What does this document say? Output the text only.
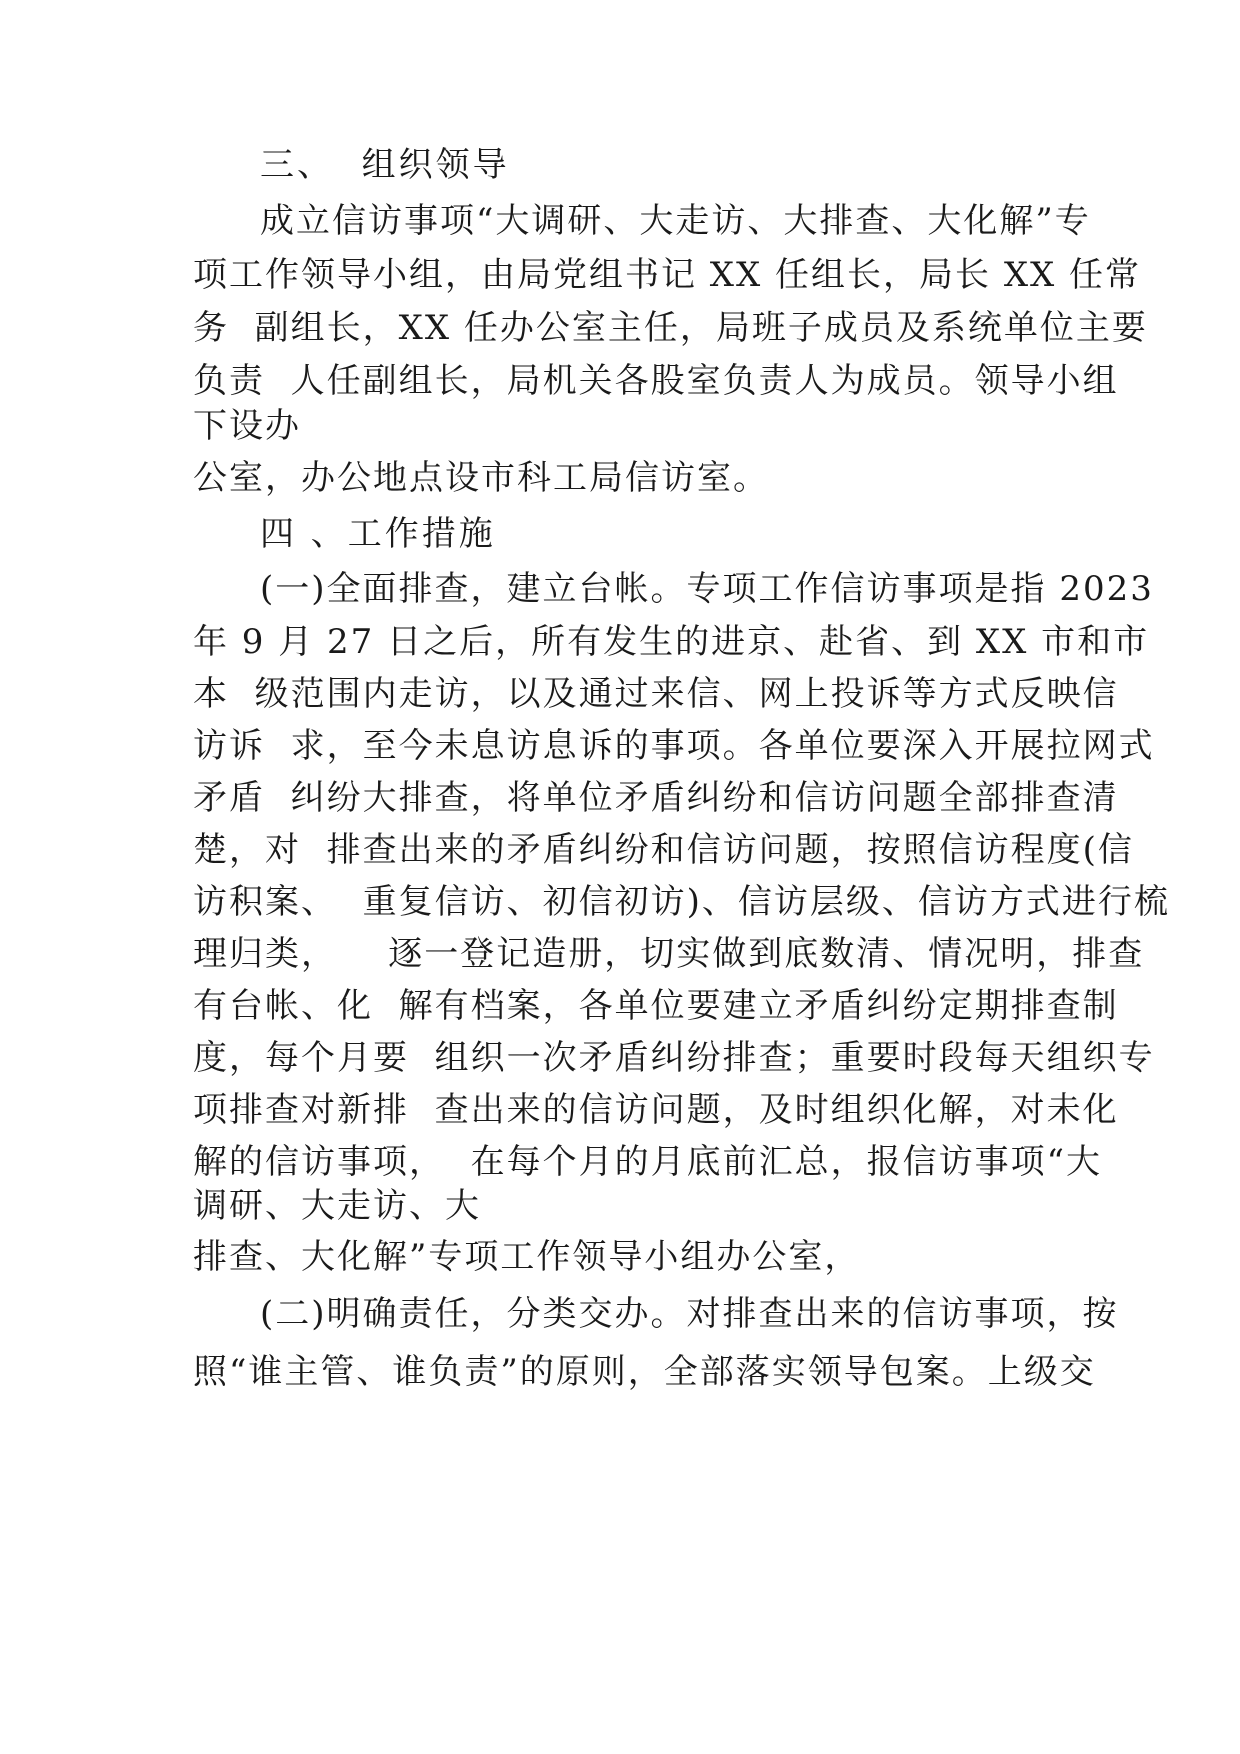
三、  组织领导
成立信访事项“大调研、大走访、大排查、大化解”专
项工作领导小组，由局党组书记 XX 任组长，局长 XX 任常
务  副组长，XX 任办公室主任，局班子成员及系统单位主要
负责  人任副组长，局机关各股室负责人为成员。领导小组
下设办
公室，办公地点设市科工局信访室。
四 、工作措施
(一)全面排查，建立台帐。专项工作信访事项是指 2023
年 9 月 27 日之后，所有发生的进京、赴省、到 XX 市和市
本  级范围内走访，以及通过来信、网上投诉等方式反映信
访诉  求，至今未息访息诉的事项。各单位要深入开展拉网式
矛盾  纠纷大排查，将单位矛盾纠纷和信访问题全部排查清
楚，对  排查出来的矛盾纠纷和信访问题，按照信访程度(信
访积案、  重复信访、初信初访)、信访层级、信访方式进行梳
理归类，    逐一登记造册，切实做到底数清、情况明，排查
有台帐、化  解有档案，各单位要建立矛盾纠纷定期排查制
度，每个月要  组织一次矛盾纠纷排查；重要时段每天组织专
项排查对新排  查出来的信访问题，及时组织化解，对未化
解的信访事项，  在每个月的月底前汇总，报信访事项“大
调研、大走访、大
排查、大化解”专项工作领导小组办公室，
(二)明确责任，分类交办。对排查出来的信访事项，按
照“谁主管、谁负责”的原则，全部落实领导包案。上级交
